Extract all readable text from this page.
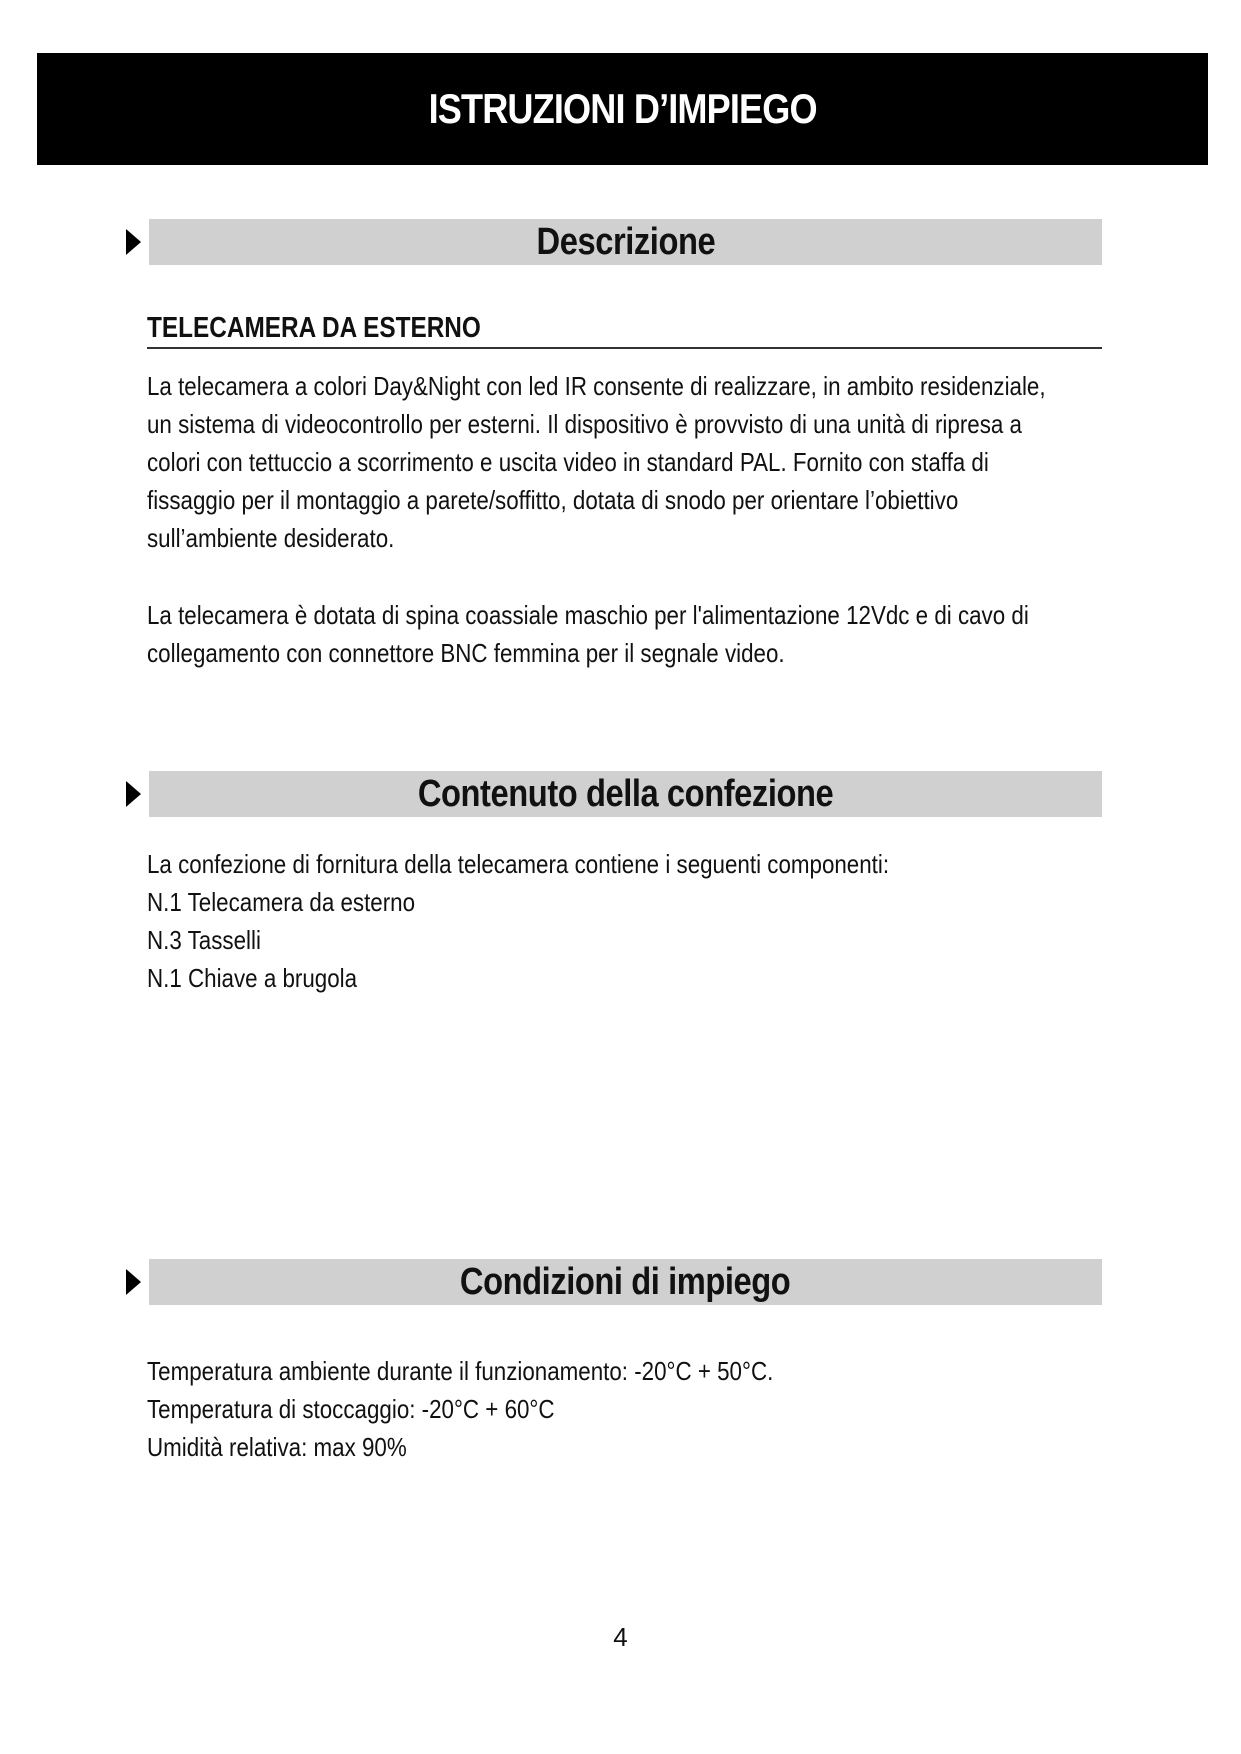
ISTRUZIONI D’IMPIEGO
Descrizione
TELECAMERA DA ESTERNO

La telecamera a colori Day&Night con led IR consente di realizzare, in ambito residenziale,
un sistema di videocontrollo per esterni. Il dispositivo è provvisto di una unità di ripresa a
colori con tettuccio a scorrimento e uscita video in standard PAL. Fornito con staffa di
fissaggio per il montaggio a parete/soffitto, dotata di snodo per orientare l’obiettivo
sull’ambiente desiderato.

La telecamera è dotata di spina coassiale maschio per l'alimentazione 12Vdc e di cavo di
collegamento con connettore BNC femmina per il segnale video.

Contenuto della confezione
La confezione di fornitura della telecamera contiene i seguenti componenti:
N.1 Telecamera da esterno
N.3 Tasselli
N.1 Chiave a brugola
Condizioni di impiego
Temperatura ambiente durante il funzionamento: -20°C + 50°C.
Temperatura di stoccaggio: -20°C + 60°C
Umidità relativa: max 90%
4
